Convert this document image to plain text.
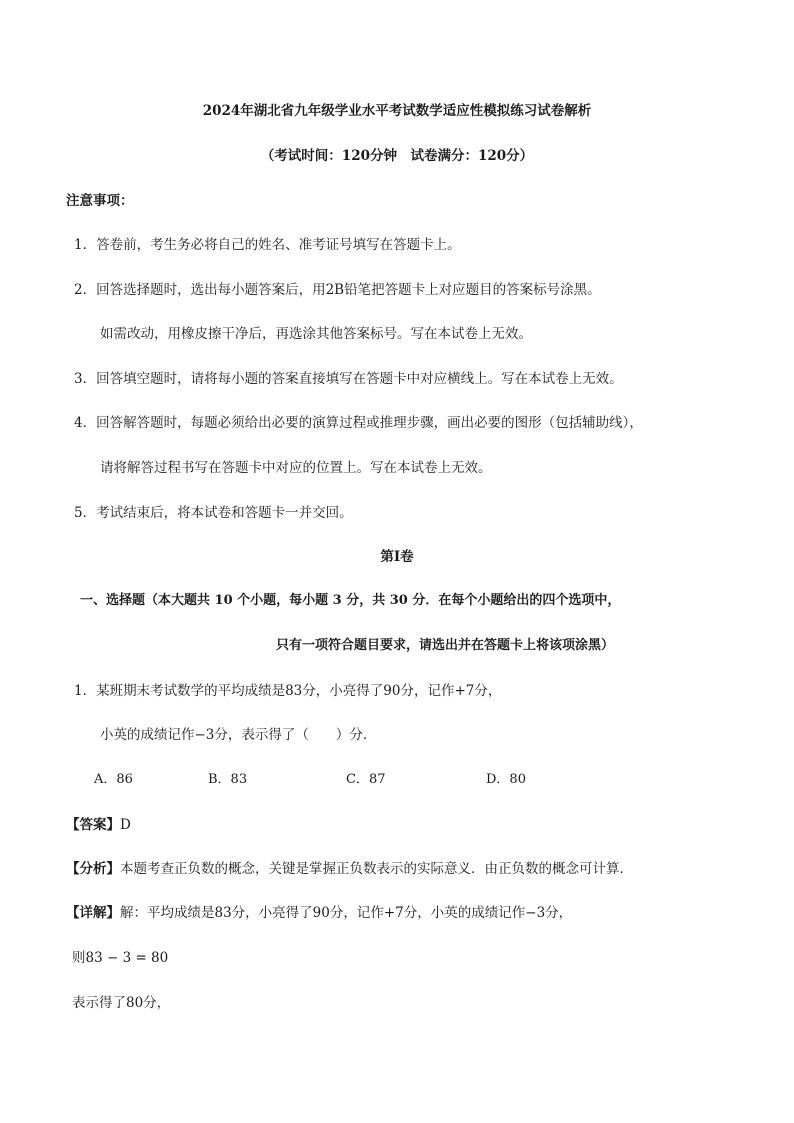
2024年湖北省九年级学业水平考试数学适应性模拟练习试卷解析
（考试时间：120分钟　试卷满分：120分）
注意事项：
1．答卷前，考生务必将自己的姓名、准考证号填写在答题卡上。
2．回答选择题时，选出每小题答案后，用2B铅笔把答题卡上对应题目的答案标号涂黑。
如需改动，用橡皮擦干净后，再选涂其他答案标号。写在本试卷上无效。
3．回答填空题时，请将每小题的答案直接填写在答题卡中对应横线上。写在本试卷上无效。
4．回答解答题时，每题必须给出必要的演算过程或推理步骤，画出必要的图形（包括辅助线），
请将解答过程书写在答题卡中对应的位置上。写在本试卷上无效。
5．考试结束后，将本试卷和答题卡一并交回。
第Ⅰ卷
一、选择题（本大题共 10 个小题，每小题 3 分，共 30 分．在每个小题给出的四个选项中，
只有一项符合题目要求，请选出并在答题卡上将该项涂黑）
1．某班期末考试数学的平均成绩是83分，小亮得了90分，记作+7分，
小英的成绩记作−3分，表示得了（　　）分．
A．86	B．83	C．87	D．80
【答案】D
【分析】本题考查正负数的概念，关键是掌握正负数表示的实际意义．由正负数的概念可计算．
【详解】解：平均成绩是83分，小亮得了90分，记作+7分，小英的成绩记作−3分，
则83 − 3 = 80
表示得了80分，
